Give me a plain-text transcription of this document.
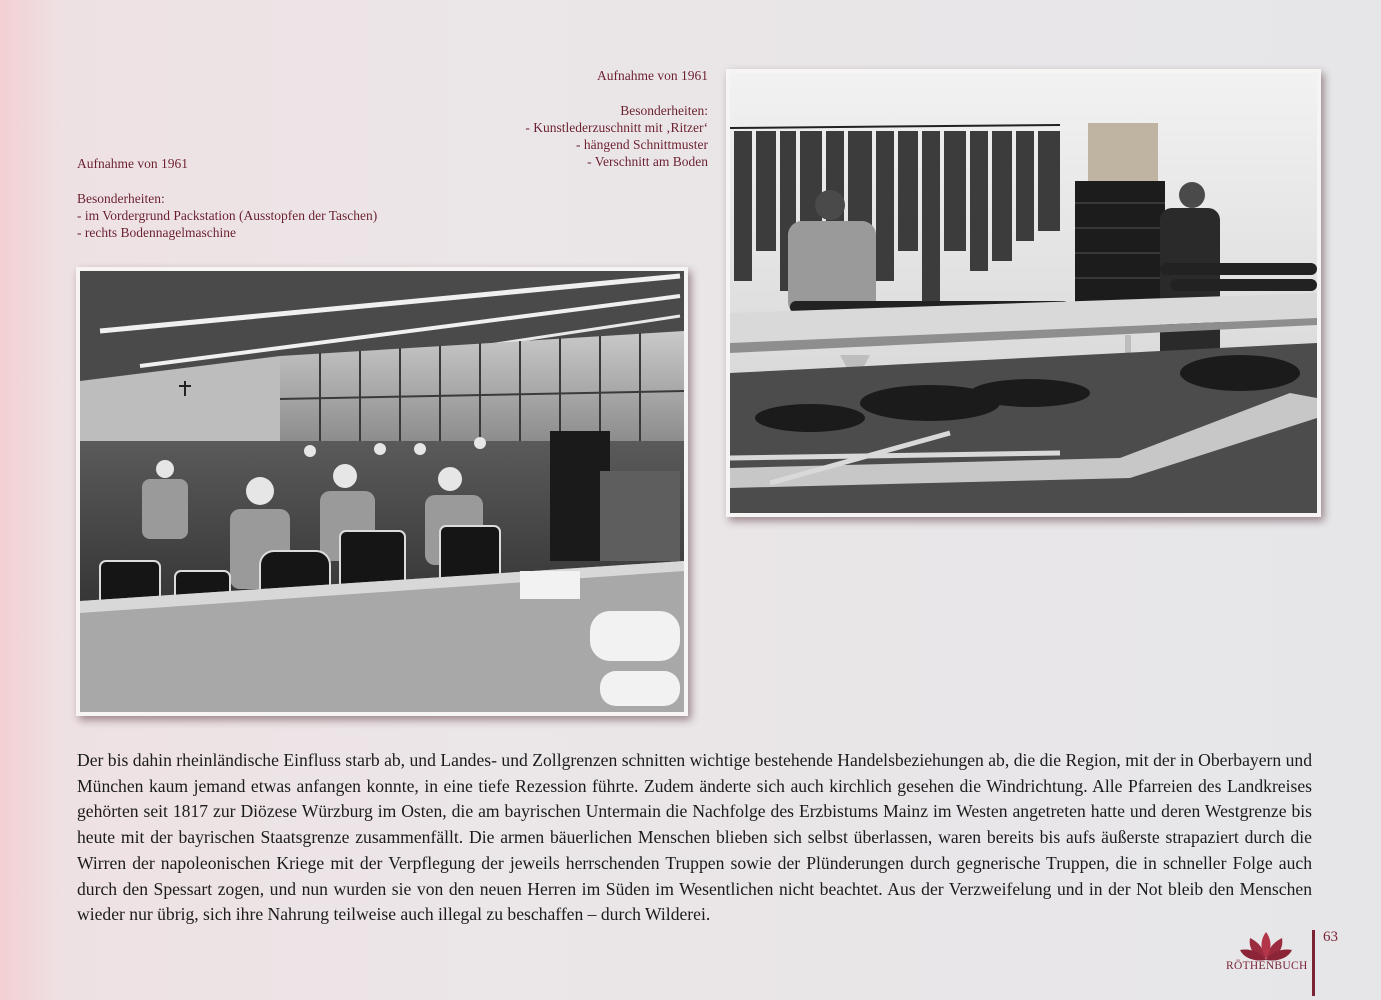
Aufnahme von 1961

Besonderheiten:

- im Vordergrund Packstation (Ausstopfen der Taschen)

- rechts Bodennagelmaschine

Aufnahme von 1961

Besonderheiten:

- Kunstlederzuschnitt mit ‚Ritzer‘

- hängend Schnittmuster

- Verschnitt am Boden

Der bis dahin rheinländische Einfluss starb ab, und Landes- und Zollgrenzen schnitten wichtige bestehende Handelsbeziehungen ab, die die Region, mit der in Oberbayern und München kaum jemand etwas anfangen konnte, in eine tiefe Rezession führte. Zudem änderte sich auch kirchlich gesehen die Windrichtung. Alle Pfarreien des Landkreises gehörten seit 1817 zur Diözese Würzburg im Osten, die am bayrischen Untermain die Nachfolge des Erzbistums Mainz im Westen angetreten hatte und deren Westgrenze bis heute mit der bayrischen Staatsgrenze zusammenfällt. Die armen bäuerlichen Menschen blieben sich selbst überlassen, waren bereits bis aufs äußerste strapaziert durch die Wirren der napoleonischen Kriege mit der Verpflegung der jeweils herrschenden Truppen sowie der Plünderungen durch gegnerische Truppen, die in schneller Folge auch durch den Spessart zogen, und nun wurden sie von den neuen Herren im Süden im Wesentlichen nicht beachtet. Aus der Verzweifelung und in der Not bleib den Menschen wieder nur übrig, sich ihre Nahrung teilweise auch illegal zu beschaffen – durch Wilderei.
RÖTHENBUCH
63
